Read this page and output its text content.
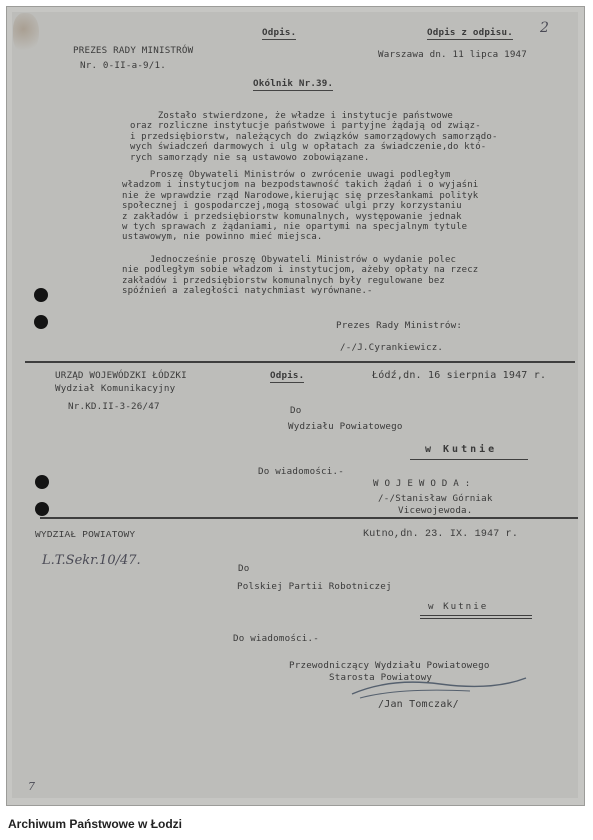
PREZES RADY MINISTRÓW
Nr. 0-II-a-9/1.
Odpis.	Odpis z odpisu. 2
Warszawa dn. 11 lipca 1947
Okólnik Nr.39.
Zostało stwierdzone, że władze i instytucje państwowe
oraz rozliczne instytucje państwowe i partyjne żądają od związ-
i przedsiębiorstw, należących do związków samorządowych samorządo-
wych świadczeń darmowych i ulg w opłatach za świadczenie,do któ-
rych samorządy nie są ustawowo zobowiązane.
Proszę Obywateli Ministrów o zwrócenie uwagi podległym
władzom i instytucjom na bezpodstawność takich żądań i o wyjaśni
nie że wprawdzie rząd Narodowe,kierując się przesłankami polityk
społecznej i gospodarczej,mogą stosować ulgi przy korzystaniu
z zakładów i przedsiębiorstw komunalnych, występowanie jednak
w tych sprawach z żądaniami, nie opartymi na specjalnym tytule
ustawowym, nie powinno mieć miejsca.
Jednocześnie proszę Obywateli Ministrów o wydanie polec
nie podległym sobie władzom i instytucjom, ażeby opłaty na rzecz
zakładów i przedsiębiorstw komunalnych były regulowane bez
spóźnień a zaległości natychmiast wyrównane.-
Prezes Rady Ministrów:
/-/J.Cyrankiewicz.
URZĄD WOJEWÓDZKI ŁÓDZKI
Wydział Komunikacyjny
Nr.KD.II-3-26/47
Odpis.	Łódź,dn. 16 sierpnia 1947 r.
Do
Wydziału Powiatowego
w Kutnie
Do wiadomości.-
W O J E W O D A :
/-/Stanisław Górniak
Vicewojewoda.
WYDZIAŁ POWIATOWY
L.T.Sekr.10/47.
Kutno,dn. 23. IX. 1947 r.
Do
Polskiej Partii Robotniczej
w Kutnie
Do wiadomości.-
Przewodniczący Wydziału Powiatowego
Starosta Powiatowy
/Jan Tomczak/
7
Archiwum Państwowe w Łodzi
